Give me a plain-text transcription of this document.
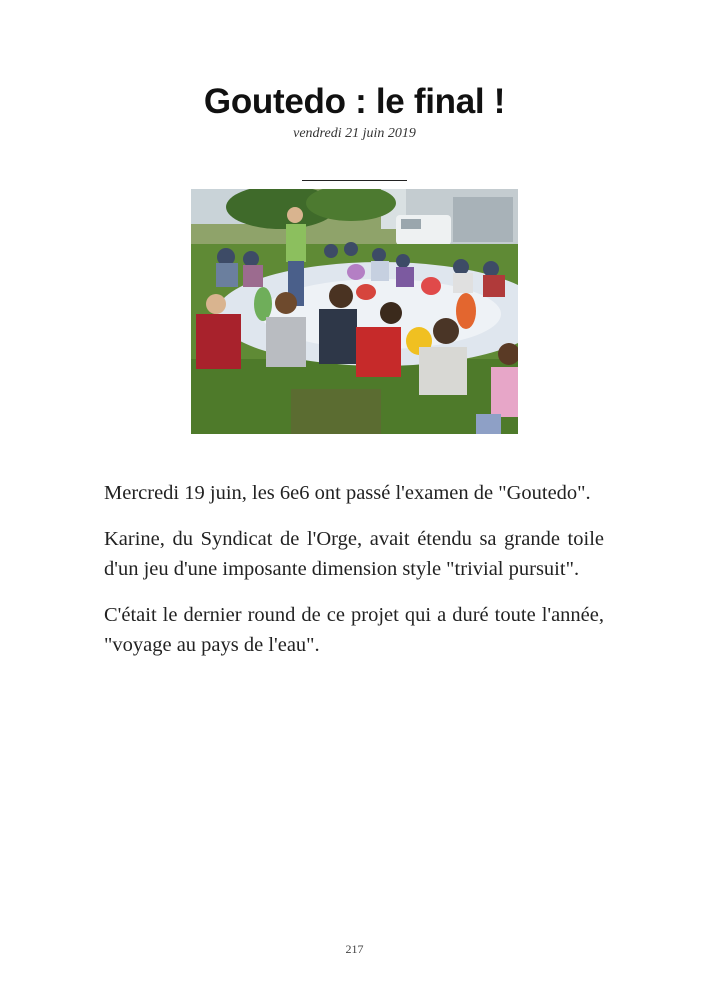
Goutedo : le final !
vendredi 21 juin 2019

Mercredi 19 juin, les 6e6 ont passé l'examen de "Goutedo".

Karine, du Syndicat de l'Orge, avait étendu sa grande toile d'un jeu d'une imposante dimension style "trivial pursuit".

C'était le dernier round de ce projet qui a duré toute l'année, "voyage au pays de l'eau".

217
